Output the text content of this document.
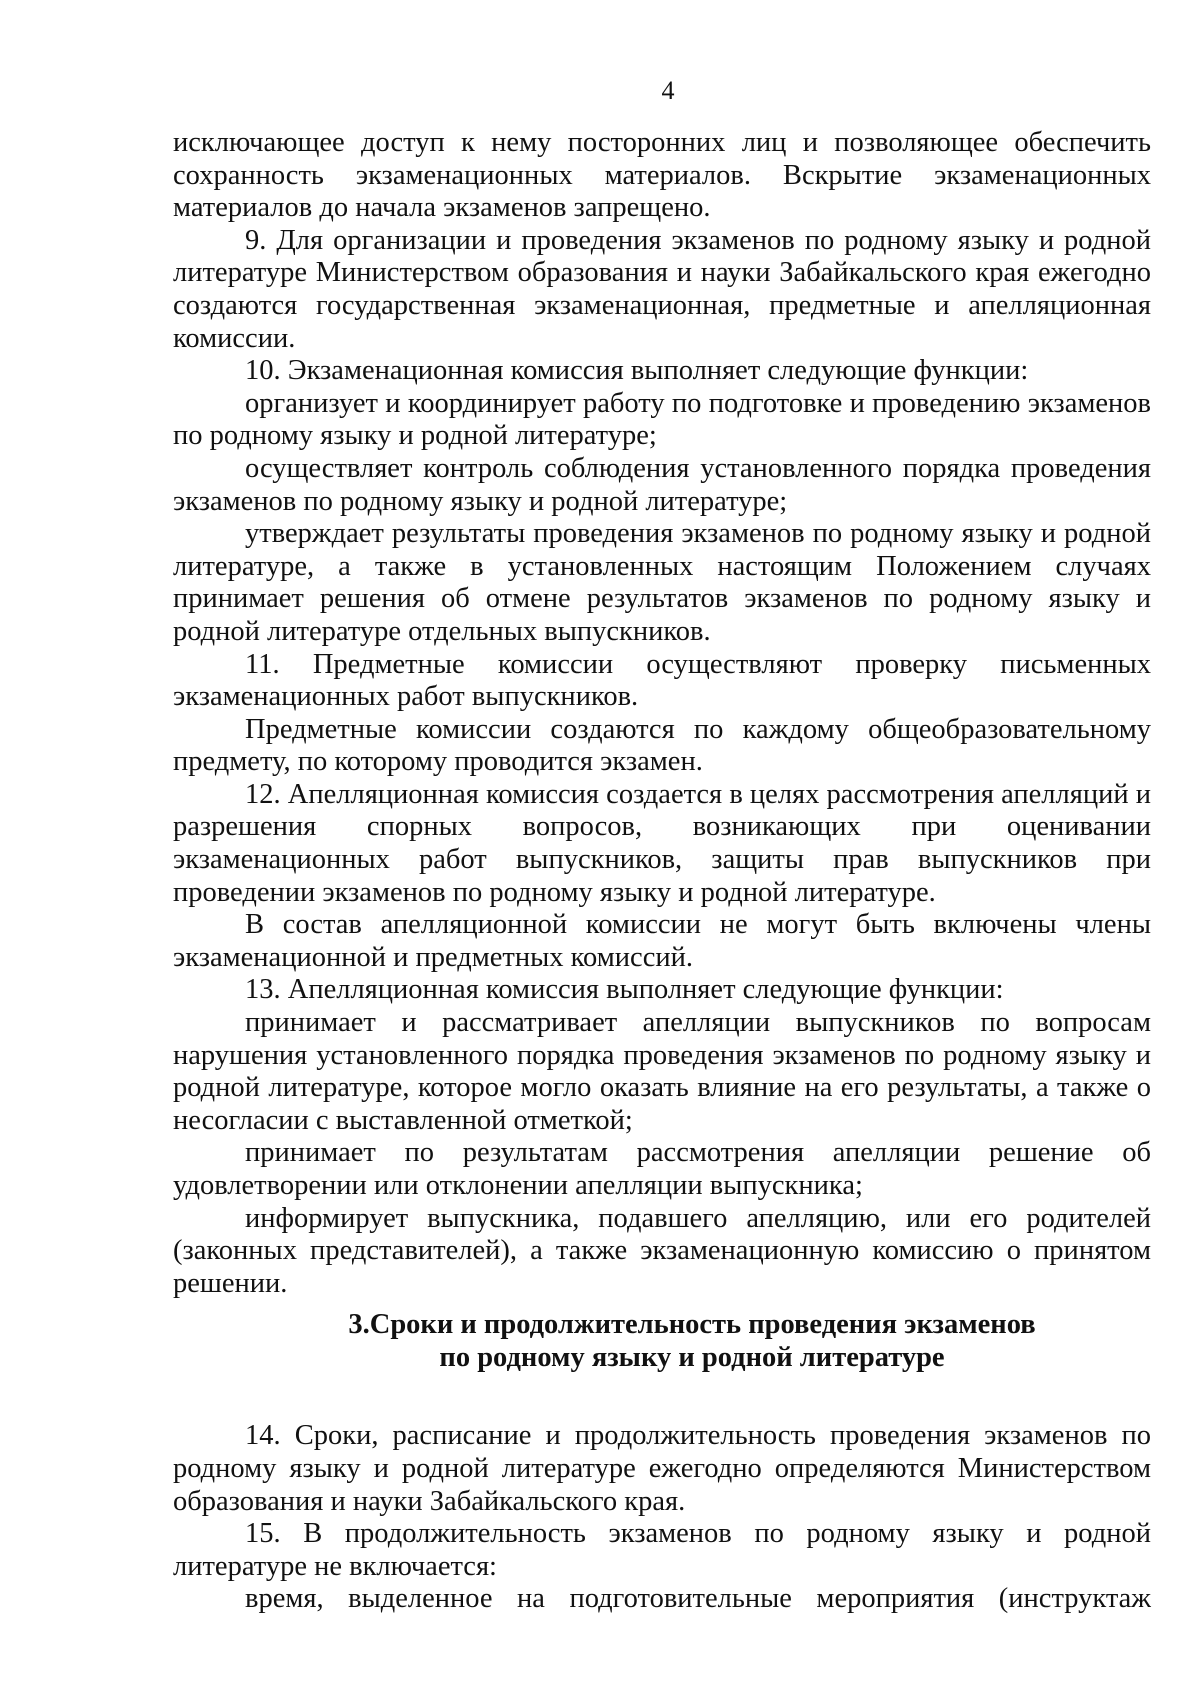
4

исключающее доступ к нему посторонних лиц и позволяющее обеспечить сохранность экзаменационных материалов. Вскрытие экзаменационных материалов до начала экзаменов запрещено.

9. Для организации и проведения экзаменов по родному языку и родной литературе Министерством образования и науки Забайкальского края ежегодно создаются государственная экзаменационная, предметные и апелляционная комиссии.

10. Экзаменационная комиссия выполняет следующие функции:

организует и координирует работу по подготовке и проведению экзаменов по родному языку и родной литературе;

осуществляет контроль соблюдения установленного порядка проведения экзаменов по родному языку и родной литературе;

утверждает результаты проведения экзаменов по родному языку и родной литературе, а также в установленных настоящим Положением случаях принимает решения об отмене результатов экзаменов по родному языку и родной литературе отдельных выпускников.

11. Предметные комиссии осуществляют проверку письменных экзаменационных работ выпускников.

Предметные комиссии создаются по каждому общеобразовательному предмету, по которому проводится экзамен.

12. Апелляционная комиссия создается в целях рассмотрения апелляций и разрешения спорных вопросов, возникающих при оценивании экзаменационных работ выпускников, защиты прав выпускников при проведении экзаменов по родному языку и родной литературе.

В состав апелляционной комиссии не могут быть включены члены экзаменационной и предметных комиссий.

13. Апелляционная комиссия выполняет следующие функции:

принимает и рассматривает апелляции выпускников по вопросам нарушения установленного порядка проведения экзаменов по родному языку и родной литературе, которое могло оказать влияние на его результаты, а также о несогласии с выставленной отметкой;

принимает по результатам рассмотрения апелляции решение об удовлетворении или отклонении апелляции выпускника;

информирует выпускника, подавшего апелляцию, или его родителей (законных представителей), а также экзаменационную комиссию о принятом решении.

3.Сроки и продолжительность проведения экзаменов
по родному языку и родной литературе

14. Сроки, расписание и продолжительность проведения экзаменов по родному языку и родной литературе ежегодно определяются Министерством образования и науки Забайкальского края.

15. В продолжительность экзаменов по родному языку и родной литературе не включается:

время, выделенное на подготовительные мероприятия (инструктаж
